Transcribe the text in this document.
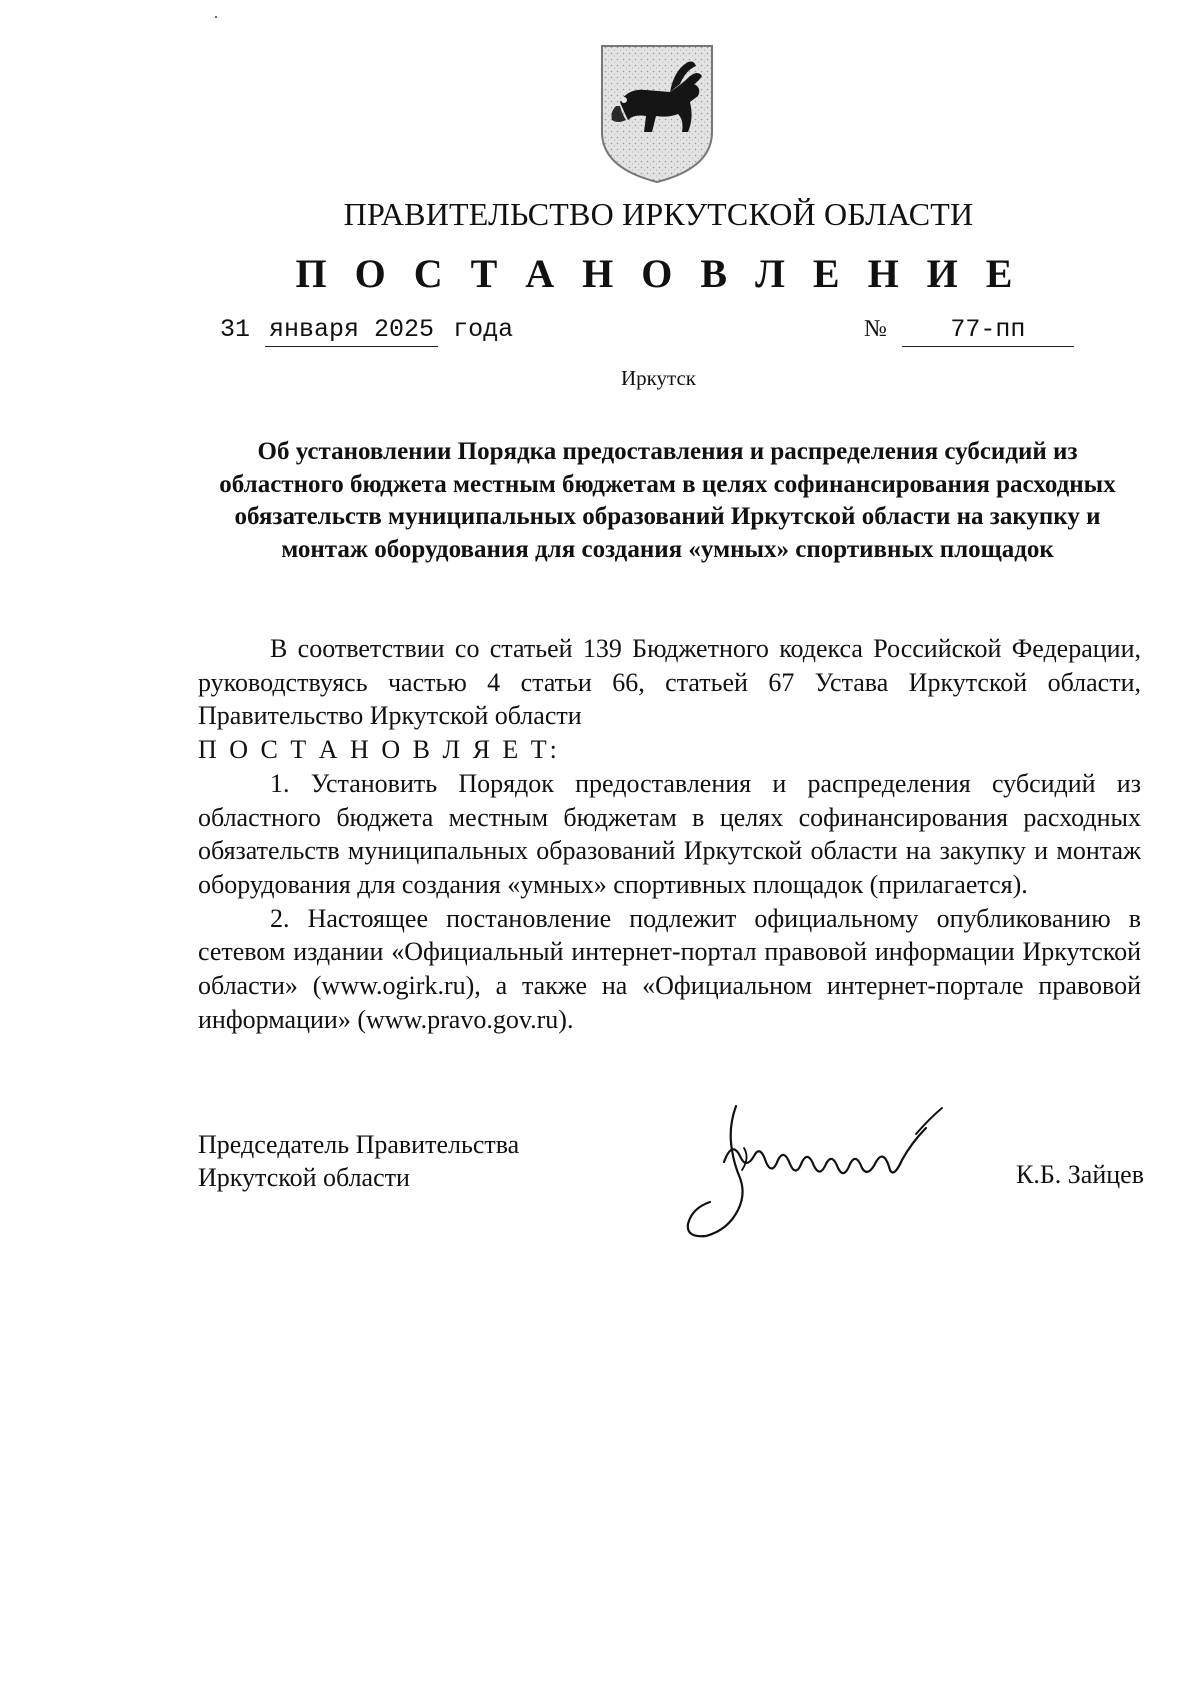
ПРАВИТЕЛЬСТВО ИРКУТСКОЙ ОБЛАСТИ
П О С Т А Н О В Л Е Н И Е
31 января 2025 года	№	77-пп
Иркутск
Об установлении Порядка предоставления и распределения субсидий из областного бюджета местным бюджетам в целях софинансирования расходных обязательств муниципальных образований Иркутской области на закупку и монтаж оборудования для создания «умных» спортивных площадок

В соответствии со статьей 139 Бюджетного кодекса Российской Федерации, руководствуясь частью 4 статьи 66, статьей 67 Устава Иркутской области, Правительство Иркутской области

П О С Т А Н О В Л Я Е Т:

1. Установить Порядок предоставления и распределения субсидий из областного бюджета местным бюджетам в целях софинансирования расходных обязательств муниципальных образований Иркутской области на закупку и монтаж оборудования для создания «умных» спортивных площадок (прилагается).

2. Настоящее постановление подлежит официальному опубликованию в сетевом издании «Официальный интернет-портал правовой информации Иркутской области» (www.ogirk.ru), а также на «Официальном интернет-портале правовой информации» (www.pravo.gov.ru).

Председатель Правительства
Иркутской области	К.Б. Зайцев
